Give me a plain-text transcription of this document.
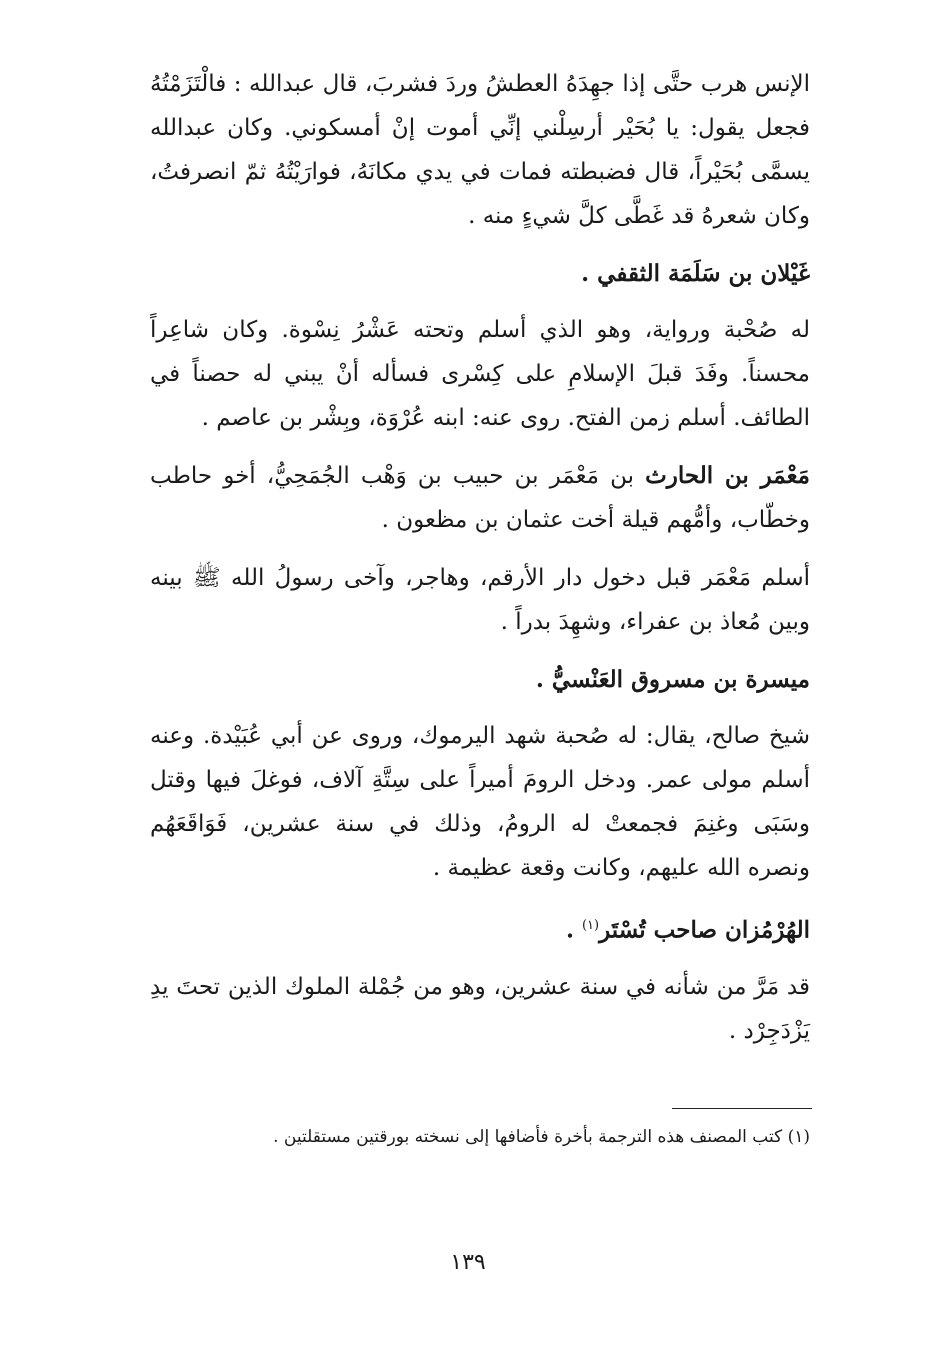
الإنس هرب حتَّى إذا جهِدَهُ العطشُ وردَ فشربَ، قال عبدالله : فالْتَزَمْتُهُ فجعل يقول: يا بُحَيْر أرسِلْني إنِّي أموت إنْ أمسكوني. وكان عبدالله يسمَّى بُحَيْراً، قال فضبطته فمات في يدي مكانَهُ، فوارَيْتُهُ ثمّ انصرفتُ، وكان شعرهُ قد غَطَّى كلَّ شيءٍ منه .

غَيْلان بن سَلَمَة الثقفي .

له صُحْبة ورواية، وهو الذي أسلم وتحته عَشْرُ نِسْوة. وكان شاعِراً محسناً. وفَدَ قبلَ الإسلامِ على كِسْرى فسأله أنْ يبني له حصناً في الطائف. أسلم زمن الفتح. روى عنه: ابنه عُرْوَة، وبِشْر بن عاصم .

مَعْمَر بن الحارث بن مَعْمَر بن حبيب بن وَهْب الجُمَحِيُّ، أخو حاطب وخطّاب، وأمُّهم قيلة أخت عثمان بن مظعون .

أسلم مَعْمَر قبل دخول دار الأرقم، وهاجر، وآخى رسولُ الله ﷺ بينه وبين مُعاذ بن عفراء، وشهِدَ بدراً .

ميسرة بن مسروق العَنْسيُّ .

شيخ صالح، يقال: له صُحبة شهد اليرموك، وروى عن أبي عُبَيْدة. وعنه أسلم مولى عمر. ودخل الرومَ أميراً على سِتَّةِ آلاف، فوغلَ فيها وقتل وسَبَى وغنِمَ فجمعتْ له الرومُ، وذلك في سنة عشرين، فَوَاقَعَهُم ونصره الله عليهم، وكانت وقعة عظيمة .

الهُرْمُزان صاحب تُسْتَر$^{(١)}$ .

قد مَرَّ من شأنه في سنة عشرين، وهو من جُمْلة الملوك الذين تحتَ يدِ يَزْدَجِرْد .

(١) كتب المصنف هذه الترجمة بأخرة فأضافها إلى نسخته بورقتين مستقلتين .
١٣٩
